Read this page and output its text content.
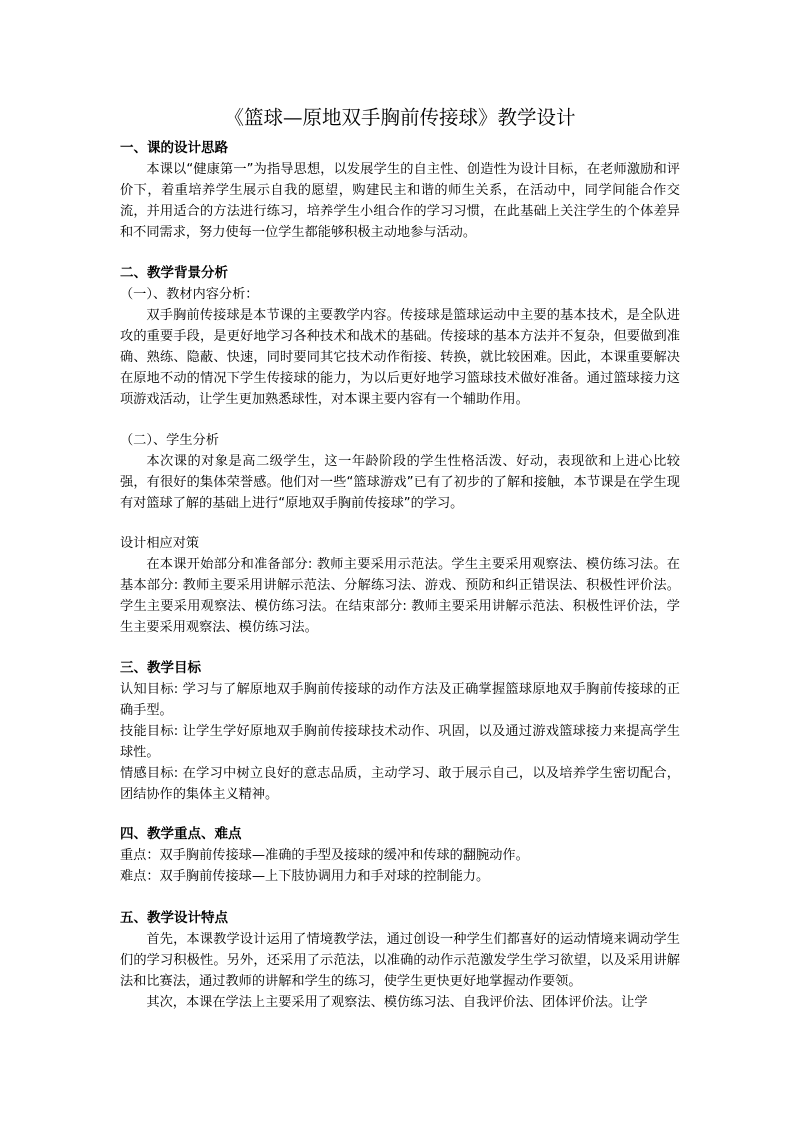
《篮球—原地双手胸前传接球》教学设计
一、课的设计思路
本课以“健康第一”为指导思想，以发展学生的自主性、创造性为设计目标，在老师激励和评价下，着重培养学生展示自我的愿望，购建民主和谐的师生关系，在活动中，同学间能合作交流，并用适合的方法进行练习，培养学生小组合作的学习习惯，在此基础上关注学生的个体差异和不同需求，努力使每一位学生都能够积极主动地参与活动。
二、教学背景分析
（一）、教材内容分析：
双手胸前传接球是本节课的主要教学内容。传接球是篮球运动中主要的基本技术，是全队进攻的重要手段，是更好地学习各种技术和战术的基础。传接球的基本方法并不复杂，但要做到准确、熟练、隐蔽、快速，同时要同其它技术动作衔接、转换，就比较困难。因此，本课重要解决在原地不动的情况下学生传接球的能力，为以后更好地学习篮球技术做好准备。通过篮球接力这项游戏活动，让学生更加熟悉球性，对本课主要内容有一个辅助作用。
（二）、学生分析
本次课的对象是高二级学生，这一年龄阶段的学生性格活泼、好动，表现欲和上进心比较强，有很好的集体荣誉感。他们对一些“篮球游戏”已有了初步的了解和接触，本节课是在学生现有对篮球了解的基础上进行“原地双手胸前传接球”的学习。
设计相应对策
在本课开始部分和准备部分: 教师主要采用示范法。学生主要采用观察法、模仿练习法。在基本部分: 教师主要采用讲解示范法、分解练习法、游戏、预防和纠正错误法、积极性评价法。学生主要采用观察法、模仿练习法。在结束部分: 教师主要采用讲解示范法、积极性评价法，学生主要采用观察法、模仿练习法。
三、教学目标
认知目标: 学习与了解原地双手胸前传接球的动作方法及正确掌握篮球原地双手胸前传接球的正确手型。
技能目标: 让学生学好原地双手胸前传接球技术动作、巩固，以及通过游戏篮球接力来提高学生球性。
情感目标: 在学习中树立良好的意志品质，主动学习、敢于展示自己，以及培养学生密切配合，团结协作的集体主义精神。
四、教学重点、难点
重点：双手胸前传接球—准确的手型及接球的缓冲和传球的翻腕动作。
难点：双手胸前传接球—上下肢协调用力和手对球的控制能力。
五、教学设计特点
首先，本课教学设计运用了情境教学法，通过创设一种学生们都喜好的运动情境来调动学生们的学习积极性。另外，还采用了示范法，以准确的动作示范激发学生学习欲望，以及采用讲解法和比赛法，通过教师的讲解和学生的练习，使学生更快更好地掌握动作要领。
其次，本课在学法上主要采用了观察法、模仿练习法、自我评价法、团体评价法。让学
